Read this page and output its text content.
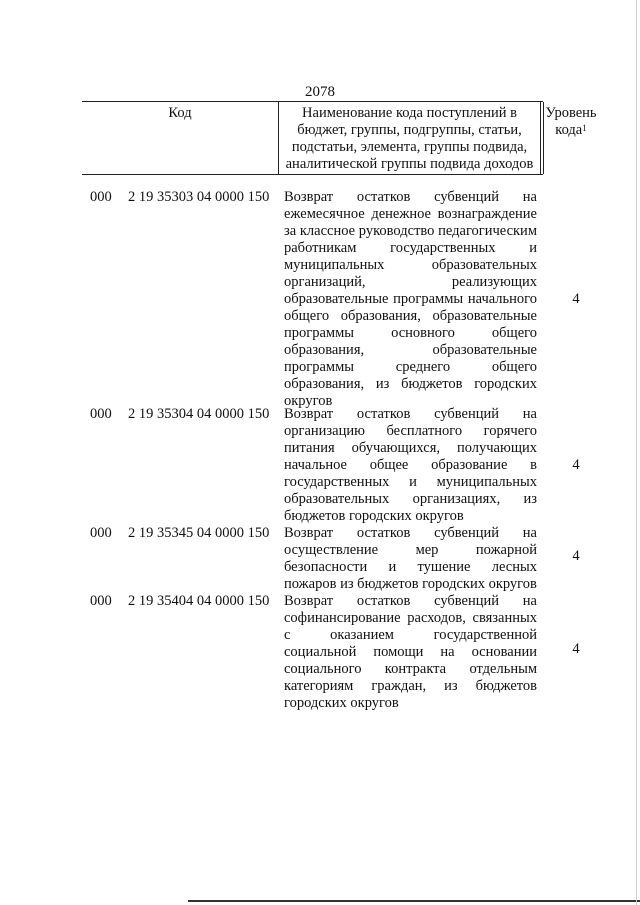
2078
Код	Наименование кода поступлений в
бюджет, группы, подгруппы, статьи,
подстатьи, элемента, группы подвида,
аналитической группы подвида доходов
Уровень
кода$^1$
000 2 19 35303 04 0000 150 Возврат остатков субвенций на
ежемесячное денежное вознаграждение
за классное руководство педагогическим
работникам государственных и
муниципальных образовательных
организаций, реализующих
образовательные программы начального
общего образования, образовательные
программы основного общего
образования, образовательные
программы среднего общего
образования, из бюджетов городских
округов
4
000 2 19 35304 04 0000 150 Возврат остатков субвенций на
организацию бесплатного горячего
питания обучающихся, получающих
начальное общее образование в
государственных и муниципальных
образовательных организациях, из
бюджетов городских округов
4
000 2 19 35345 04 0000 150 Возврат остатков субвенций на
осуществление мер пожарной
безопасности и тушение лесных
пожаров из бюджетов городских округов
4
000 2 19 35404 04 0000 150 Возврат остатков субвенций на
софинансирование расходов, связанных
с оказанием государственной
социальной помощи на основании
социального контракта отдельным
категориям граждан, из бюджетов
городских округов
4
